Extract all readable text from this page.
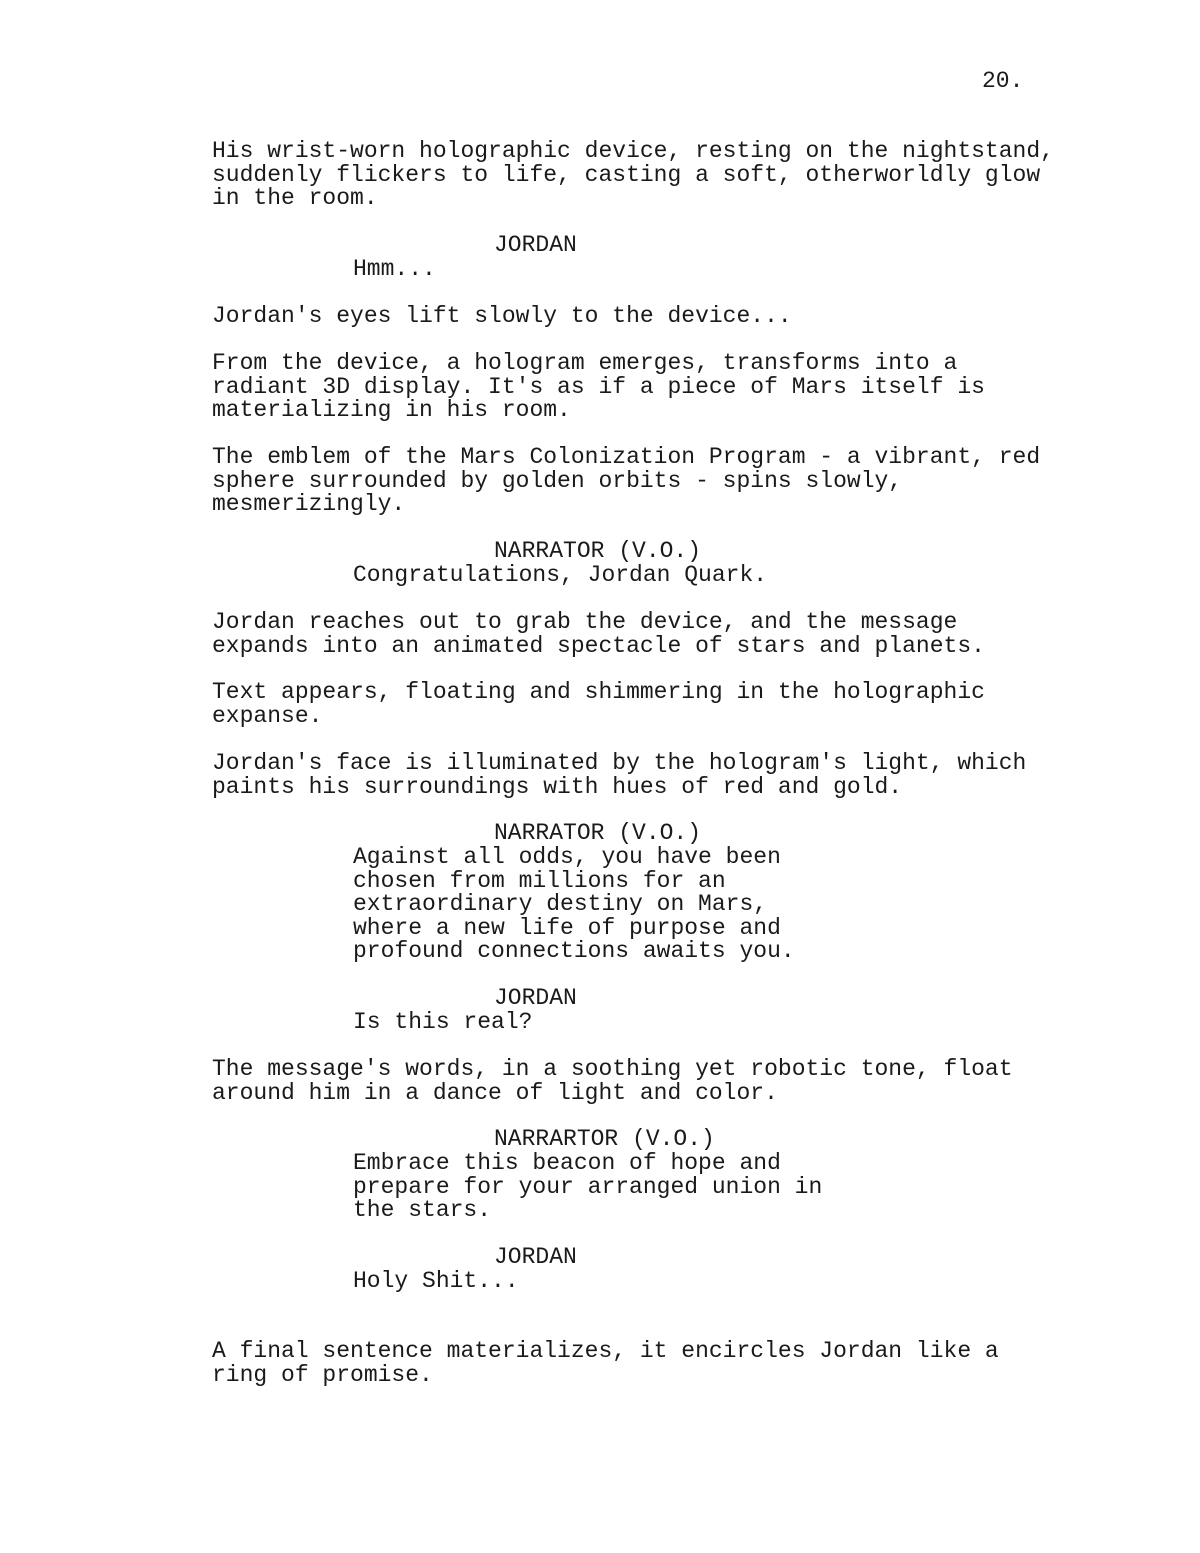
20.

His wrist-worn holographic device, resting on the nightstand,
suddenly flickers to life, casting a soft, otherworldly glow
in the room.

JORDAN

Hmm...

Jordan's eyes lift slowly to the device...

From the device, a hologram emerges, transforms into a
radiant 3D display. It's as if a piece of Mars itself is
materializing in his room.

The emblem of the Mars Colonization Program - a vibrant, red
sphere surrounded by golden orbits - spins slowly,
mesmerizingly.

NARRATOR (V.O.)

Congratulations, Jordan Quark.

Jordan reaches out to grab the device, and the message
expands into an animated spectacle of stars and planets.

Text appears, floating and shimmering in the holographic
expanse.

Jordan's face is illuminated by the hologram's light, which
paints his surroundings with hues of red and gold.

NARRATOR (V.O.)

Against all odds, you have been
chosen from millions for an
extraordinary destiny on Mars,
where a new life of purpose and
profound connections awaits you.

JORDAN

Is this real?

The message's words, in a soothing yet robotic tone, float
around him in a dance of light and color.

NARRARTOR (V.O.)

Embrace this beacon of hope and
prepare for your arranged union in
the stars.

JORDAN

Holy Shit...

A final sentence materializes, it encircles Jordan like a
ring of promise.
